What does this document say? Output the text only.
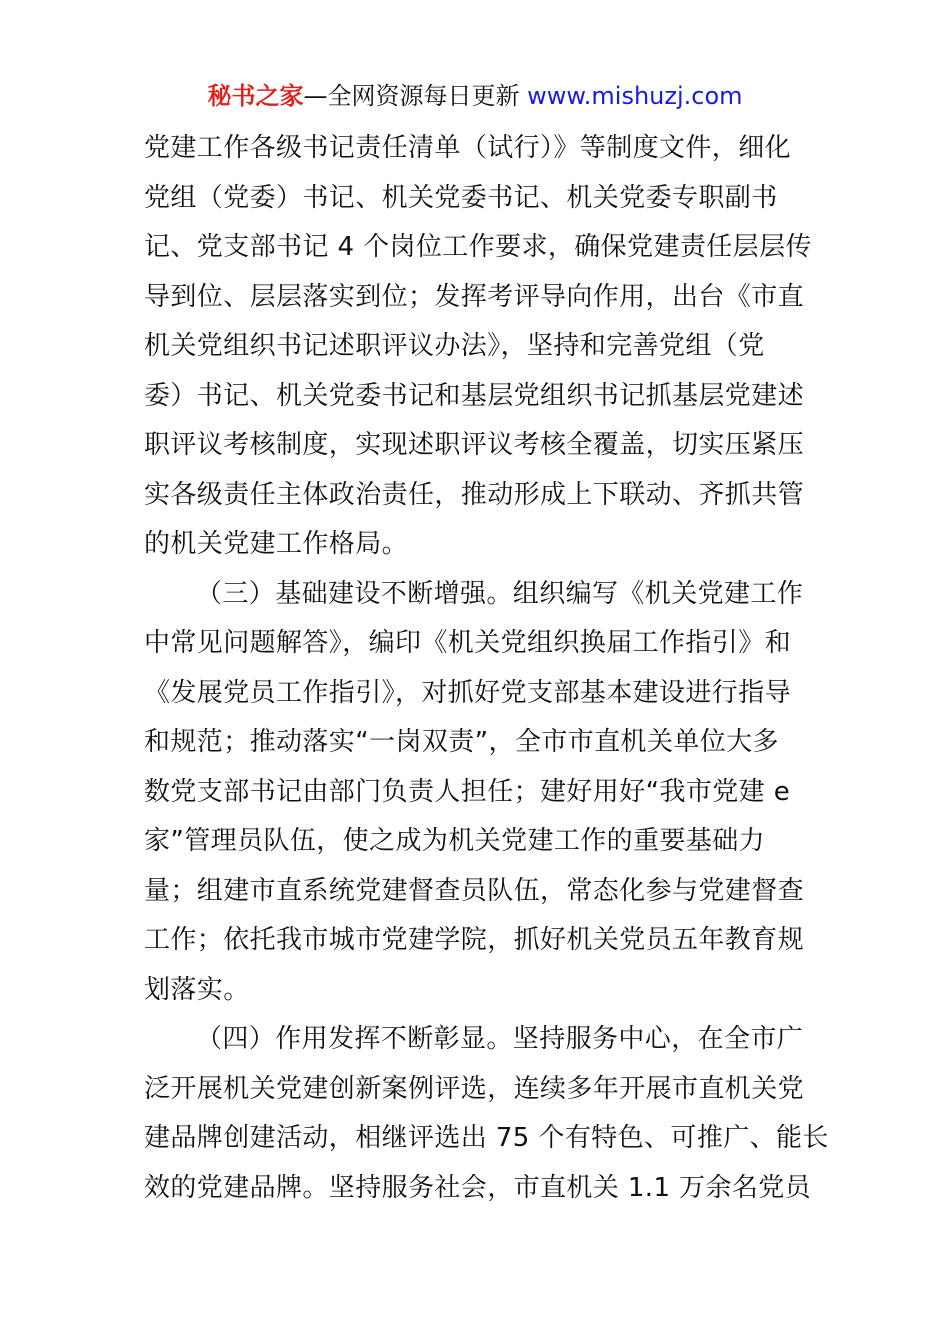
秘书之家—全网资源每日更新 www.mishuzj.com
党建工作各级书记责任清单（试行）》等制度文件，细化
党组（党委）书记、机关党委书记、机关党委专职副书
记、党支部书记 4 个岗位工作要求，确保党建责任层层传
导到位、层层落实到位；发挥考评导向作用，出台《市直
机关党组织书记述职评议办法》，坚持和完善党组（党
委）书记、机关党委书记和基层党组织书记抓基层党建述
职评议考核制度，实现述职评议考核全覆盖，切实压紧压
实各级责任主体政治责任，推动形成上下联动、齐抓共管
的机关党建工作格局。
（三）基础建设不断增强。组织编写《机关党建工作
中常见问题解答》，编印《机关党组织换届工作指引》和
《发展党员工作指引》，对抓好党支部基本建设进行指导
和规范；推动落实“一岗双责”，全市市直机关单位大多
数党支部书记由部门负责人担任；建好用好“我市党建 e
家”管理员队伍，使之成为机关党建工作的重要基础力
量；组建市直系统党建督查员队伍，常态化参与党建督查
工作；依托我市城市党建学院，抓好机关党员五年教育规
划落实。
（四）作用发挥不断彰显。坚持服务中心，在全市广
泛开展机关党建创新案例评选，连续多年开展市直机关党
建品牌创建活动，相继评选出 75 个有特色、可推广、能长
效的党建品牌。坚持服务社会，市直机关 1.1 万余名党员
